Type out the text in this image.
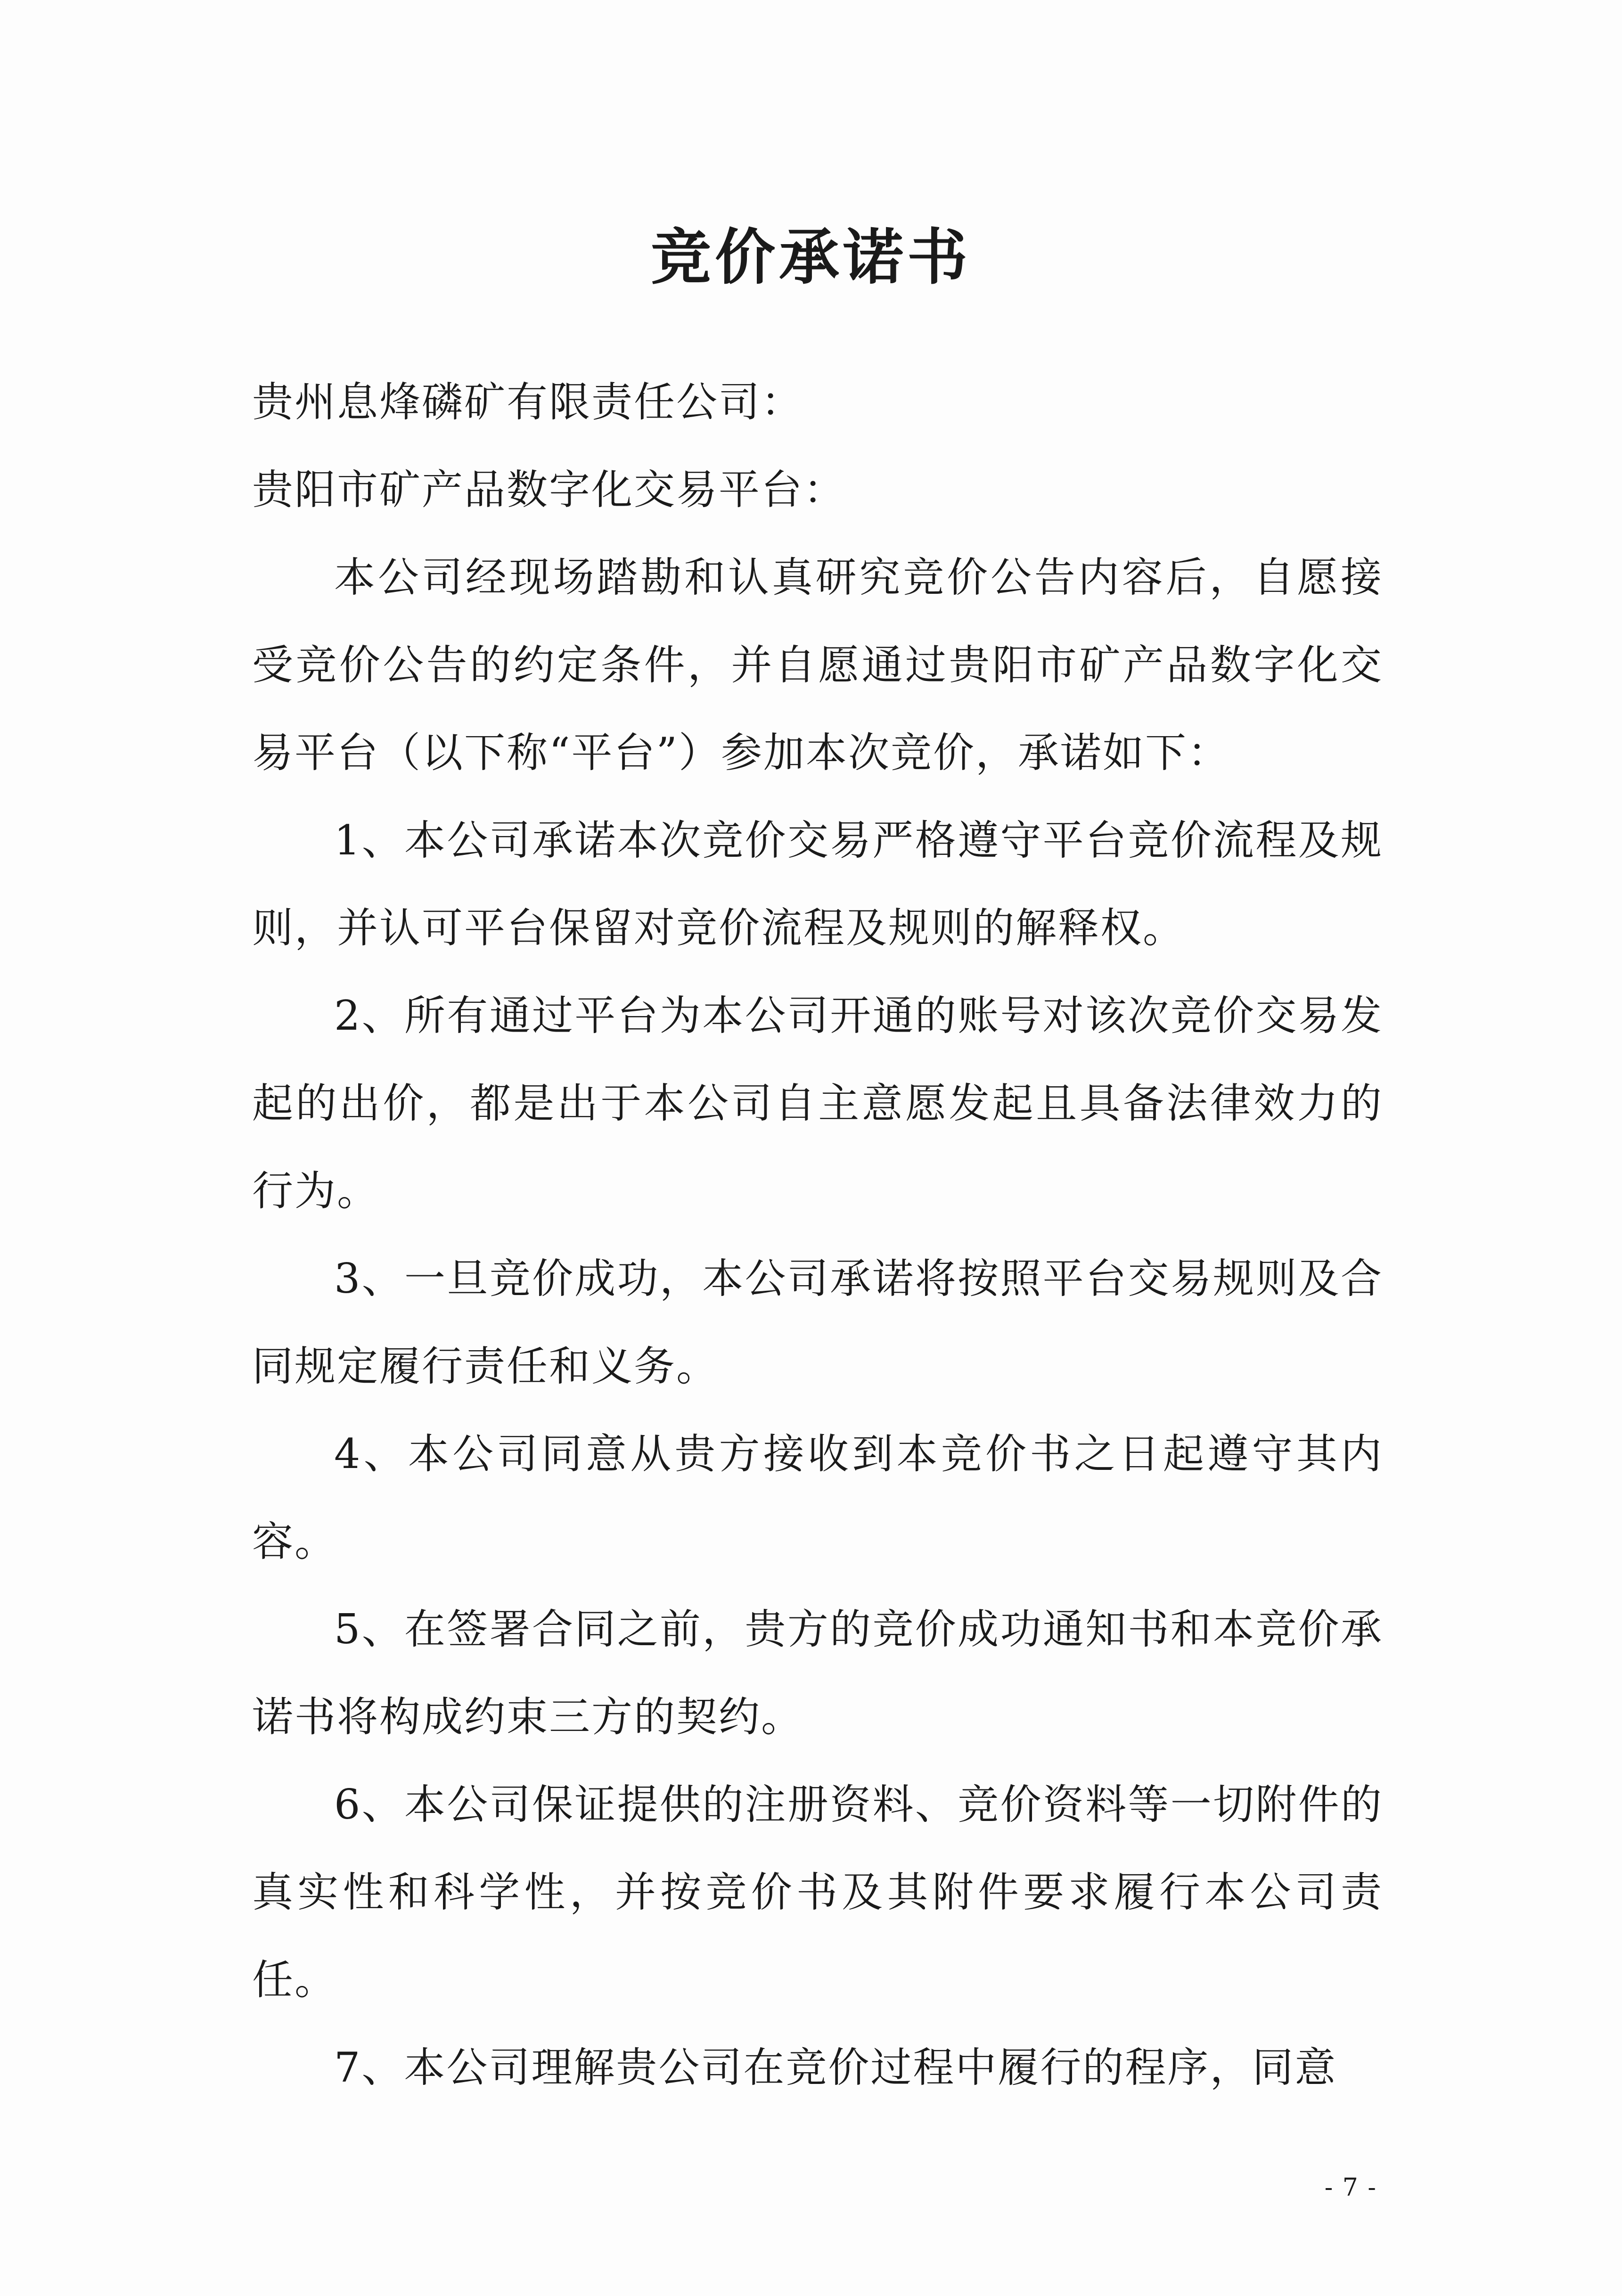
竞价承诺书

贵州息烽磷矿有限责任公司：

贵阳市矿产品数字化交易平台：

本公司经现场踏勘和认真研究竞价公告内容后，自愿接受竞价公告的约定条件，并自愿通过贵阳市矿产品数字化交易平台（以下称“平台”）参加本次竞价，承诺如下：

1、本公司承诺本次竞价交易严格遵守平台竞价流程及规则，并认可平台保留对竞价流程及规则的解释权。

2、所有通过平台为本公司开通的账号对该次竞价交易发起的出价，都是出于本公司自主意愿发起且具备法律效力的行为。

3、一旦竞价成功，本公司承诺将按照平台交易规则及合同规定履行责任和义务。

4、本公司同意从贵方接收到本竞价书之日起遵守其内容。

5、在签署合同之前，贵方的竞价成功通知书和本竞价承诺书将构成约束三方的契约。

6、本公司保证提供的注册资料、竞价资料等一切附件的真实性和科学性，并按竞价书及其附件要求履行本公司责任。

7、本公司理解贵公司在竞价过程中履行的程序，同意

- 7 -
